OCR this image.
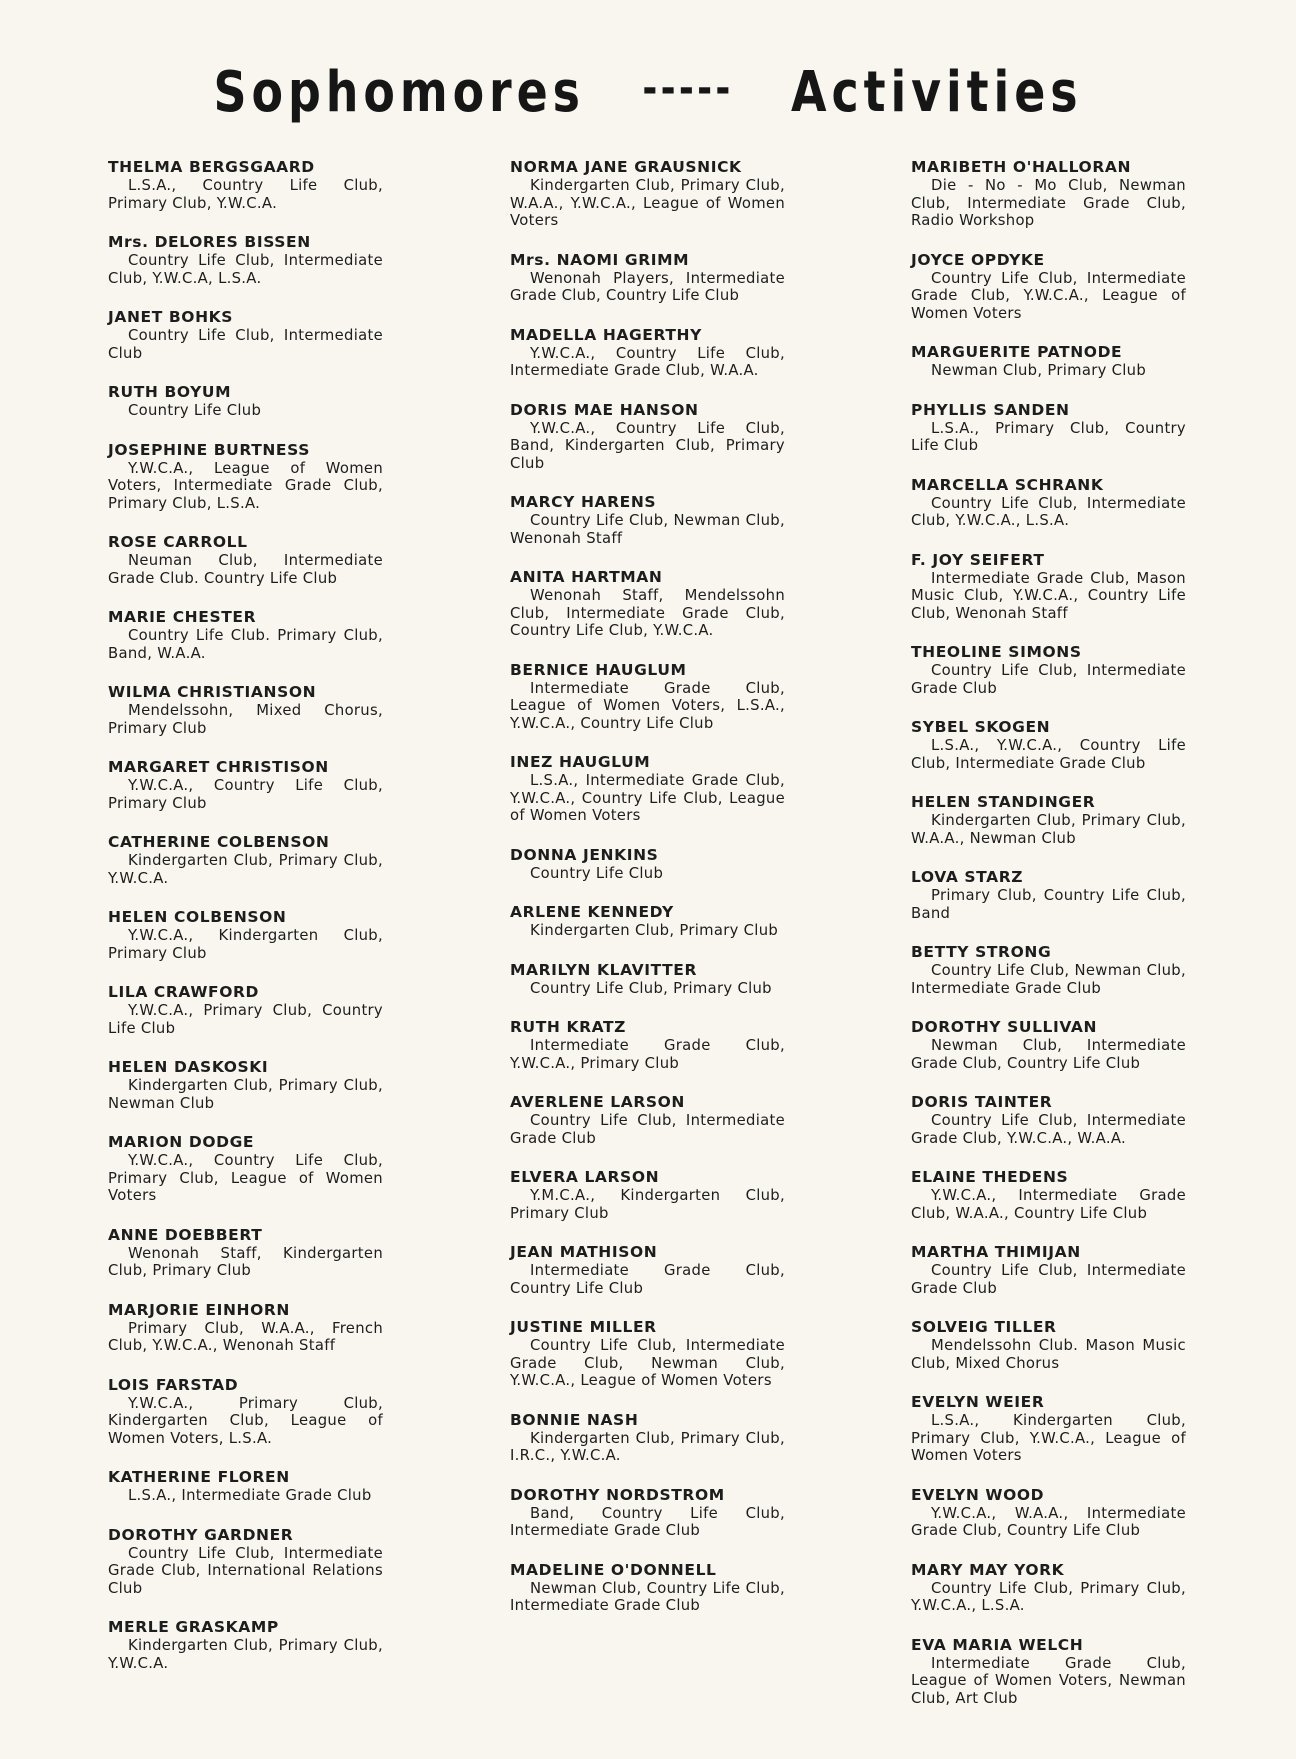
Sophomores ----- Activities
THELMA BERGSGAARD
L.S.A., Country Life Club, Primary Club, Y.W.C.A.
Mrs. DELORES BISSEN
Country Life Club, Intermediate Club, Y.W.C.A, L.S.A.
JANET BOHKS
Country Life Club, Intermediate Club
RUTH BOYUM
Country Life Club
JOSEPHINE BURTNESS
Y.W.C.A., League of Women Voters, Intermediate Grade Club, Primary Club, L.S.A.
ROSE CARROLL
Neuman Club, Intermediate Grade Club. Country Life Club
MARIE CHESTER
Country Life Club. Primary Club, Band, W.A.A.
WILMA CHRISTIANSON
Mendelssohn, Mixed Chorus, Primary Club
MARGARET CHRISTISON
Y.W.C.A., Country Life Club, Primary Club
CATHERINE COLBENSON
Kindergarten Club, Primary Club, Y.W.C.A.
HELEN COLBENSON
Y.W.C.A., Kindergarten Club, Primary Club
LILA CRAWFORD
Y.W.C.A., Primary Club, Country Life Club
HELEN DASKOSKI
Kindergarten Club, Primary Club, Newman Club
MARION DODGE
Y.W.C.A., Country Life Club, Primary Club, League of Women Voters
ANNE DOEBBERT
Wenonah Staff, Kindergarten Club, Primary Club
MARJORIE EINHORN
Primary Club, W.A.A., French Club, Y.W.C.A., Wenonah Staff
LOIS FARSTAD
Y.W.C.A., Primary Club, Kindergarten Club, League of Women Voters, L.S.A.
KATHERINE FLOREN
L.S.A., Intermediate Grade Club
DOROTHY GARDNER
Country Life Club, Intermediate Grade Club, International Relations Club
MERLE GRASKAMP
Kindergarten Club, Primary Club, Y.W.C.A.
NORMA JANE GRAUSNICK
Kindergarten Club, Primary Club, W.A.A., Y.W.C.A., League of Women Voters
Mrs. NAOMI GRIMM
Wenonah Players, Intermediate Grade Club, Country Life Club
MADELLA HAGERTHY
Y.W.C.A., Country Life Club, Intermediate Grade Club, W.A.A.
DORIS MAE HANSON
Y.W.C.A., Country Life Club, Band, Kindergarten Club, Primary Club
MARCY HARENS
Country Life Club, Newman Club, Wenonah Staff
ANITA HARTMAN
Wenonah Staff, Mendelssohn Club, Intermediate Grade Club, Country Life Club, Y.W.C.A.
BERNICE HAUGLUM
Intermediate Grade Club, League of Women Voters, L.S.A., Y.W.C.A., Country Life Club
INEZ HAUGLUM
L.S.A., Intermediate Grade Club, Y.W.C.A., Country Life Club, League of Women Voters
DONNA JENKINS
Country Life Club
ARLENE KENNEDY
Kindergarten Club, Primary Club
MARILYN KLAVITTER
Country Life Club, Primary Club
RUTH KRATZ
Intermediate Grade Club, Y.W.C.A., Primary Club
AVERLENE LARSON
Country Life Club, Intermediate Grade Club
ELVERA LARSON
Y.M.C.A., Kindergarten Club, Primary Club
JEAN MATHISON
Intermediate Grade Club, Country Life Club
JUSTINE MILLER
Country Life Club, Intermediate Grade Club, Newman Club, Y.W.C.A., League of Women Voters
BONNIE NASH
Kindergarten Club, Primary Club, I.R.C., Y.W.C.A.
DOROTHY NORDSTROM
Band, Country Life Club, Intermediate Grade Club
MADELINE O'DONNELL
Newman Club, Country Life Club, Intermediate Grade Club
MARIBETH O'HALLORAN
Die - No - Mo Club, Newman Club, Intermediate Grade Club, Radio Workshop
JOYCE OPDYKE
Country Life Club, Intermediate Grade Club, Y.W.C.A., League of Women Voters
MARGUERITE PATNODE
Newman Club, Primary Club
PHYLLIS SANDEN
L.S.A., Primary Club, Country Life Club
MARCELLA SCHRANK
Country Life Club, Intermediate Club, Y.W.C.A., L.S.A.
F. JOY SEIFERT
Intermediate Grade Club, Mason Music Club, Y.W.C.A., Country Life Club, Wenonah Staff
THEOLINE SIMONS
Country Life Club, Intermediate Grade Club
SYBEL SKOGEN
L.S.A., Y.W.C.A., Country Life Club, Intermediate Grade Club
HELEN STANDINGER
Kindergarten Club, Primary Club, W.A.A., Newman Club
LOVA STARZ
Primary Club, Country Life Club, Band
BETTY STRONG
Country Life Club, Newman Club, Intermediate Grade Club
DOROTHY SULLIVAN
Newman Club, Intermediate Grade Club, Country Life Club
DORIS TAINTER
Country Life Club, Intermediate Grade Club, Y.W.C.A., W.A.A.
ELAINE THEDENS
Y.W.C.A., Intermediate Grade Club, W.A.A., Country Life Club
MARTHA THIMIJAN
Country Life Club, Intermediate Grade Club
SOLVEIG TILLER
Mendelssohn Club. Mason Music Club, Mixed Chorus
EVELYN WEIER
L.S.A., Kindergarten Club, Primary Club, Y.W.C.A., League of Women Voters
EVELYN WOOD
Y.W.C.A., W.A.A., Intermediate Grade Club, Country Life Club
MARY MAY YORK
Country Life Club, Primary Club, Y.W.C.A., L.S.A.
EVA MARIA WELCH
Intermediate Grade Club, League of Women Voters, Newman Club, Art Club
